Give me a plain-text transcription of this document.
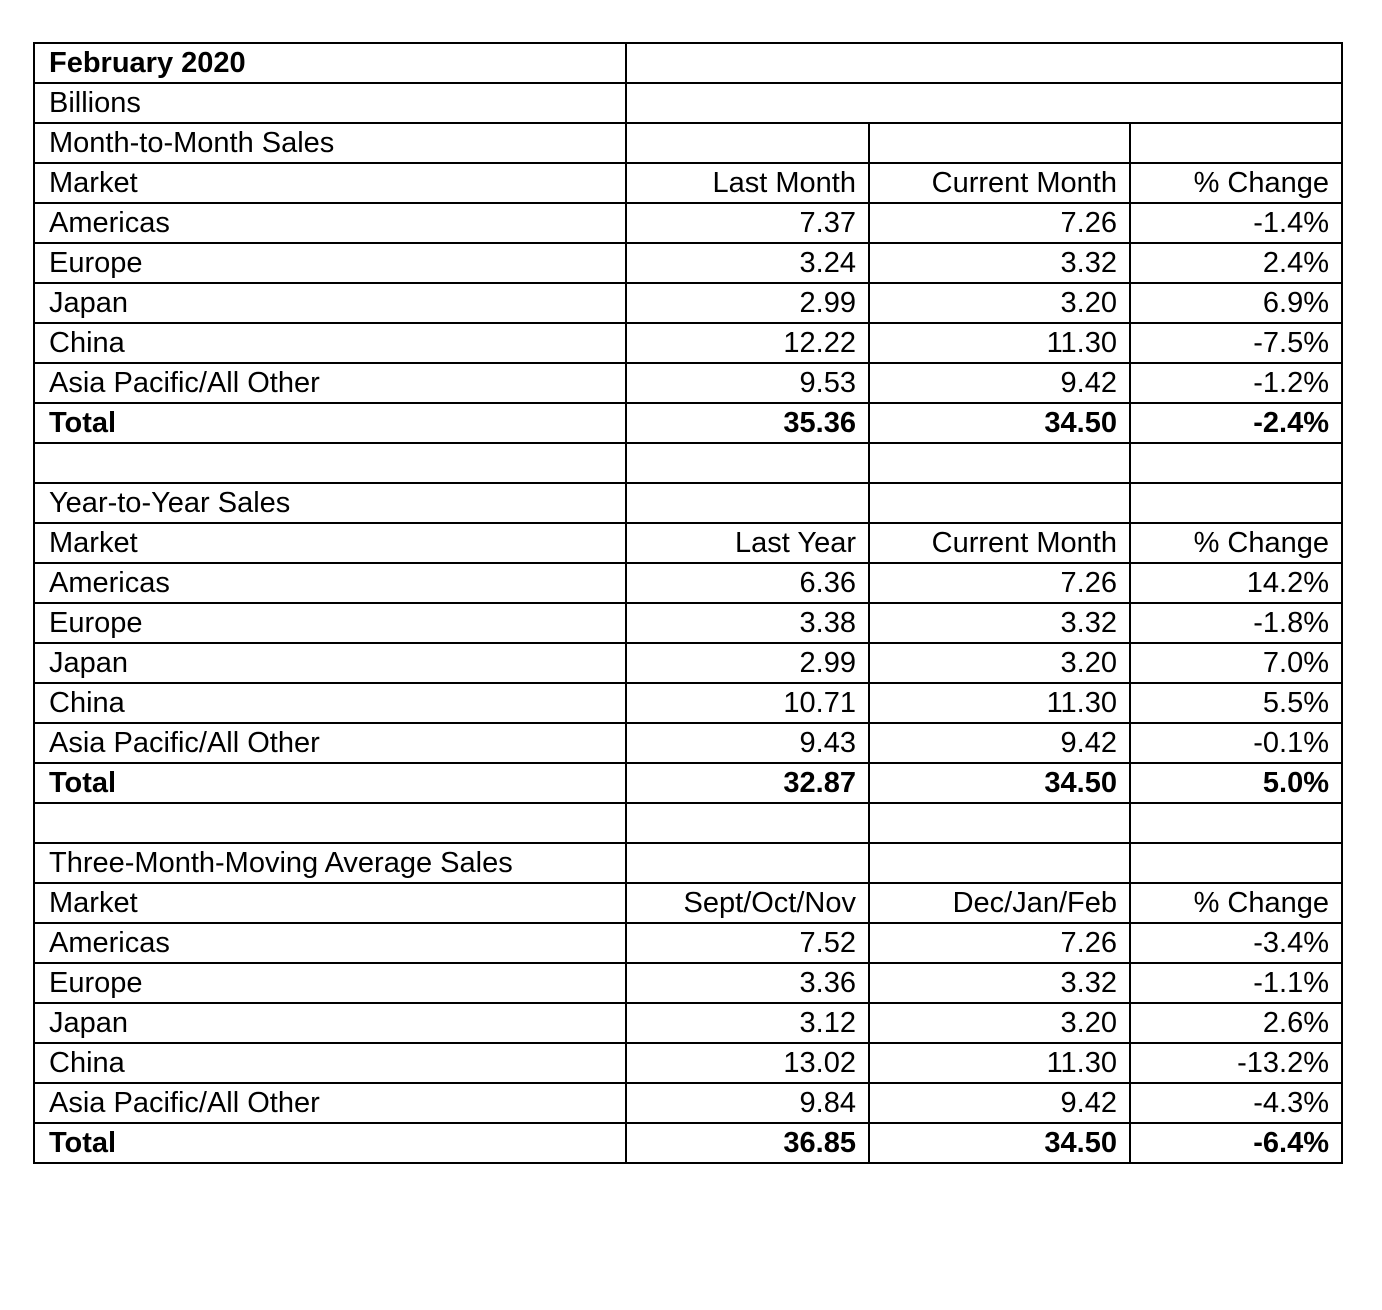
February 2020			
Billions			
Month-to-Month Sales			
Market	Last Month	Current Month	% Change
Americas	7.37	7.26	-1.4%
Europe	3.24	3.32	2.4%
Japan	2.99	3.20	6.9%
China	12.22	11.30	-7.5%
Asia Pacific/All Other	9.53	9.42	-1.2%
Total	35.36	34.50	-2.4%

Year-to-Year Sales			
Market	Last Year	Current Month	% Change
Americas	6.36	7.26	14.2%
Europe	3.38	3.32	-1.8%
Japan	2.99	3.20	7.0%
China	10.71	11.30	5.5%
Asia Pacific/All Other	9.43	9.42	-0.1%
Total	32.87	34.50	5.0%

Three-Month-Moving Average Sales			
Market	Sept/Oct/Nov	Dec/Jan/Feb	% Change
Americas	7.52	7.26	-3.4%
Europe	3.36	3.32	-1.1%
Japan	3.12	3.20	2.6%
China	13.02	11.30	-13.2%
Asia Pacific/All Other	9.84	9.42	-4.3%
Total	36.85	34.50	-6.4%
